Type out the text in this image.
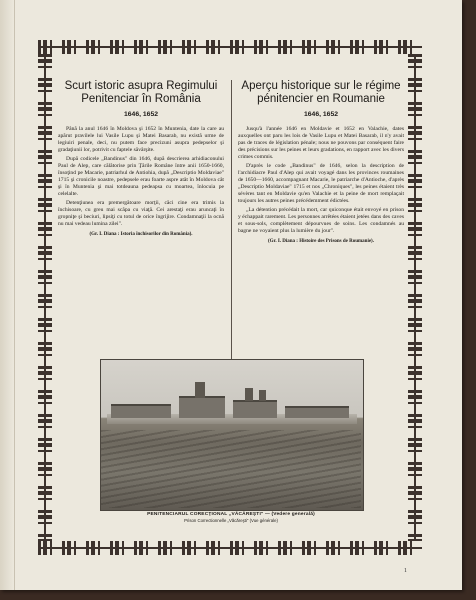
Scurt istoric asupra Regimului Penitenciar în România
1646, 1652

Până la anul 1646 în Moldova şi 1652 în Muntenia, date la care au apărut pravilele lui Vasile Lupu şi Matei Basarab, nu există urme de legiuiri penale, deci, nu putem face precizuni asupra pedepselor şi gradaţiunii lor, potrivit cu faptele săvârşite.

După codicele „Bandinus" din 1646, după descrierea arhidiaconului Paul de Alep, care călătorise prin Ţările Române între anii 1650-1660, însoţind pe Macarie, patriarhul de Antiohia, după „Descriptio Moldaviae" 1715 şi cronicile noastre, pedepsele erau foarte aspre atât în Moldova cât şi în Muntenia şi mai totdeauna pedeapsa cu moartea, înlocuia pe celelalte.

Detenţiunea era premergătoare morţii, căci cine era trimis la închisoare, cu greu mai scăpa cu viaţă. Cei arestaţi erau aruncaţi în gropniţe şi beciuri, lipsiţi cu totul de orice îngrijire. Condamnaţii la ocnă nu mai vedeau lumina zilei".

(Gr. I. Diana : Istoria închisorilor din România).
Aperçu historique sur le régime pénitencier en Roumanie
1646, 1652

Jusqu'à l'année 1646 en Moldavie et 1652 en Valachie, dates auxquelles ont paru les lois de Vasile Lupu et Matei Basarab, il n'y avait pas de traces de législation pénale; nous ne pouvons par conséquent faire des précisions sur les peines et leurs gradations, en rapport avec les divers crimes commis.

D'après le code „Bandinus" de 1646, selon la description de l'archidiacre Paul d'Alep qui avait voyagé dans les provinces roumaines de 1650—1660, accompagnant Macarie, le patriarche d'Antioche, d'après „Descriptio Moldaviae" 1715 et nos „Chroniques", les peines étaient très sévères tant en Moldavie qu'en Valachie et la peine de mort remplaçait toujours les autres peines précédemment édictées.

„La détention précédait la mort, car quiconque était envoyé en prison y échappait rarement. Les personnes arrêtées étaient jetées dans des caves et sous-sols, complètement dépourvues de soins. Les condamnés au bagne ne voyaient plus la lumière du jour".

(Gr. I. Diana : Histoire des Prisons de Roumanie).
PENITENCIARUL CORECŢIONAL „VĂCĂREŞTI" — (Vedere generală)
Prison Correctionnelle „Văcăreşti" (Vue générale)
1
